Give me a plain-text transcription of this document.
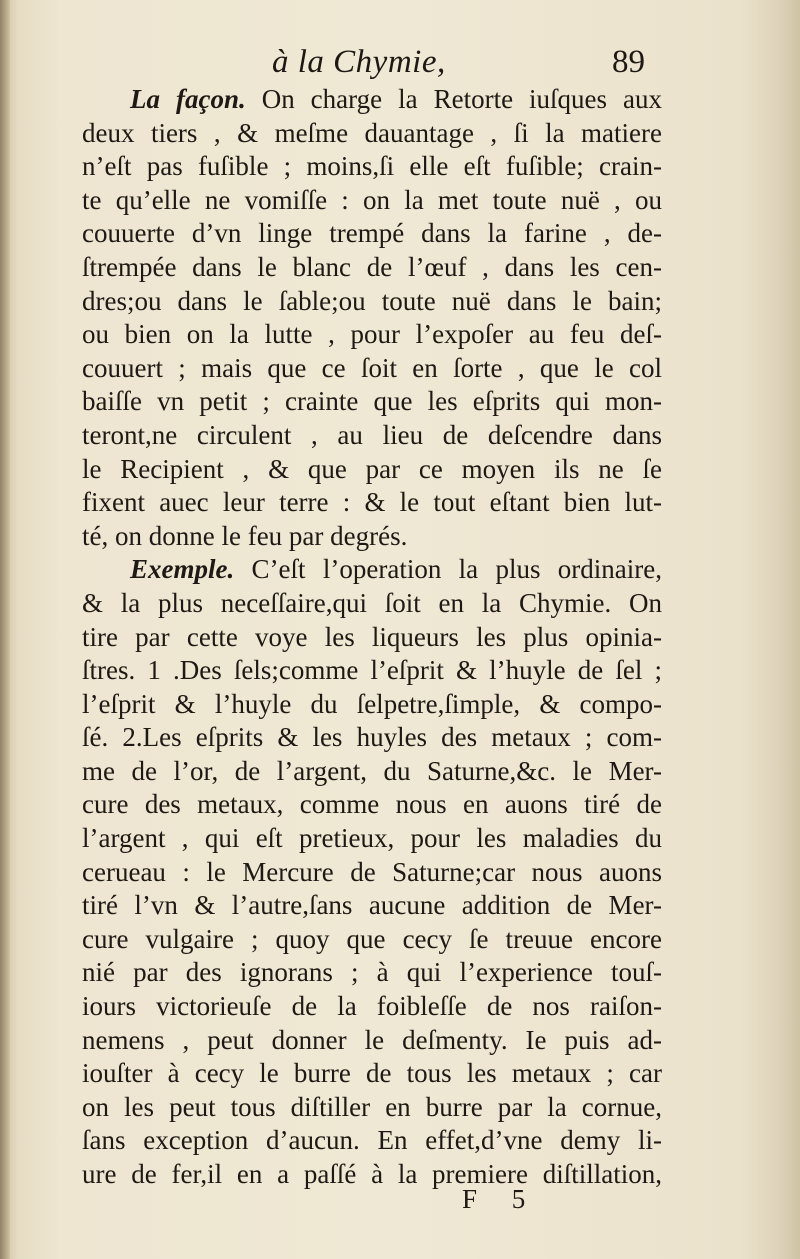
à la Chymie,	89
La façon. On charge la Retorte iuſques aux
deux tiers , & meſme dauantage , ſi la matiere
n’eſt pas fuſible ; moins,ſi elle eſt fuſible; crain-
te qu’elle ne vomiſſe : on la met toute nuë , ou
couuerte d’vn linge trempé dans la farine , de-
ſtrempée dans le blanc de l’œuf , dans les cen-
dres;ou dans le ſable;ou toute nuë dans le bain;
ou bien on la lutte , pour l’expoſer au feu deſ-
couuert ; mais que ce ſoit en ſorte , que le col
baiſſe vn petit ; crainte que les eſprits qui mon-
teront,ne circulent , au lieu de deſcendre dans
le Recipient , & que par ce moyen ils ne ſe
fixent auec leur terre : & le tout eſtant bien lut-
té, on donne le feu par degrés.
Exemple. C’eſt l’operation la plus ordinaire,
& la plus neceſſaire,qui ſoit en la Chymie. On
tire par cette voye les liqueurs les plus opinia-
ſtres. 1 .Des ſels;comme l’eſprit & l’huyle de ſel ;
l’eſprit & l’huyle du ſelpetre,ſimple, & compo-
ſé. 2.Les eſprits & les huyles des metaux ; com-
me de l’or, de l’argent, du Saturne,&c. le Mer-
cure des metaux, comme nous en auons tiré de
l’argent , qui eſt pretieux, pour les maladies du
cerueau : le Mercure de Saturne;car nous auons
tiré l’vn & l’autre,ſans aucune addition de Mer-
cure vulgaire ; quoy que cecy ſe treuue encore
nié par des ignorans ; à qui l’experience touſ-
iours victorieuſe de la foibleſſe de nos raiſon-
nemens , peut donner le deſmenty. Ie puis ad-
iouſter à cecy le burre de tous les metaux ; car
on les peut tous diſtiller en burre par la cornue,
ſans exception d’aucun. En effet,d’vne demy li-
ure de fer,il en a paſſé à la premiere diſtillation,
F 5
